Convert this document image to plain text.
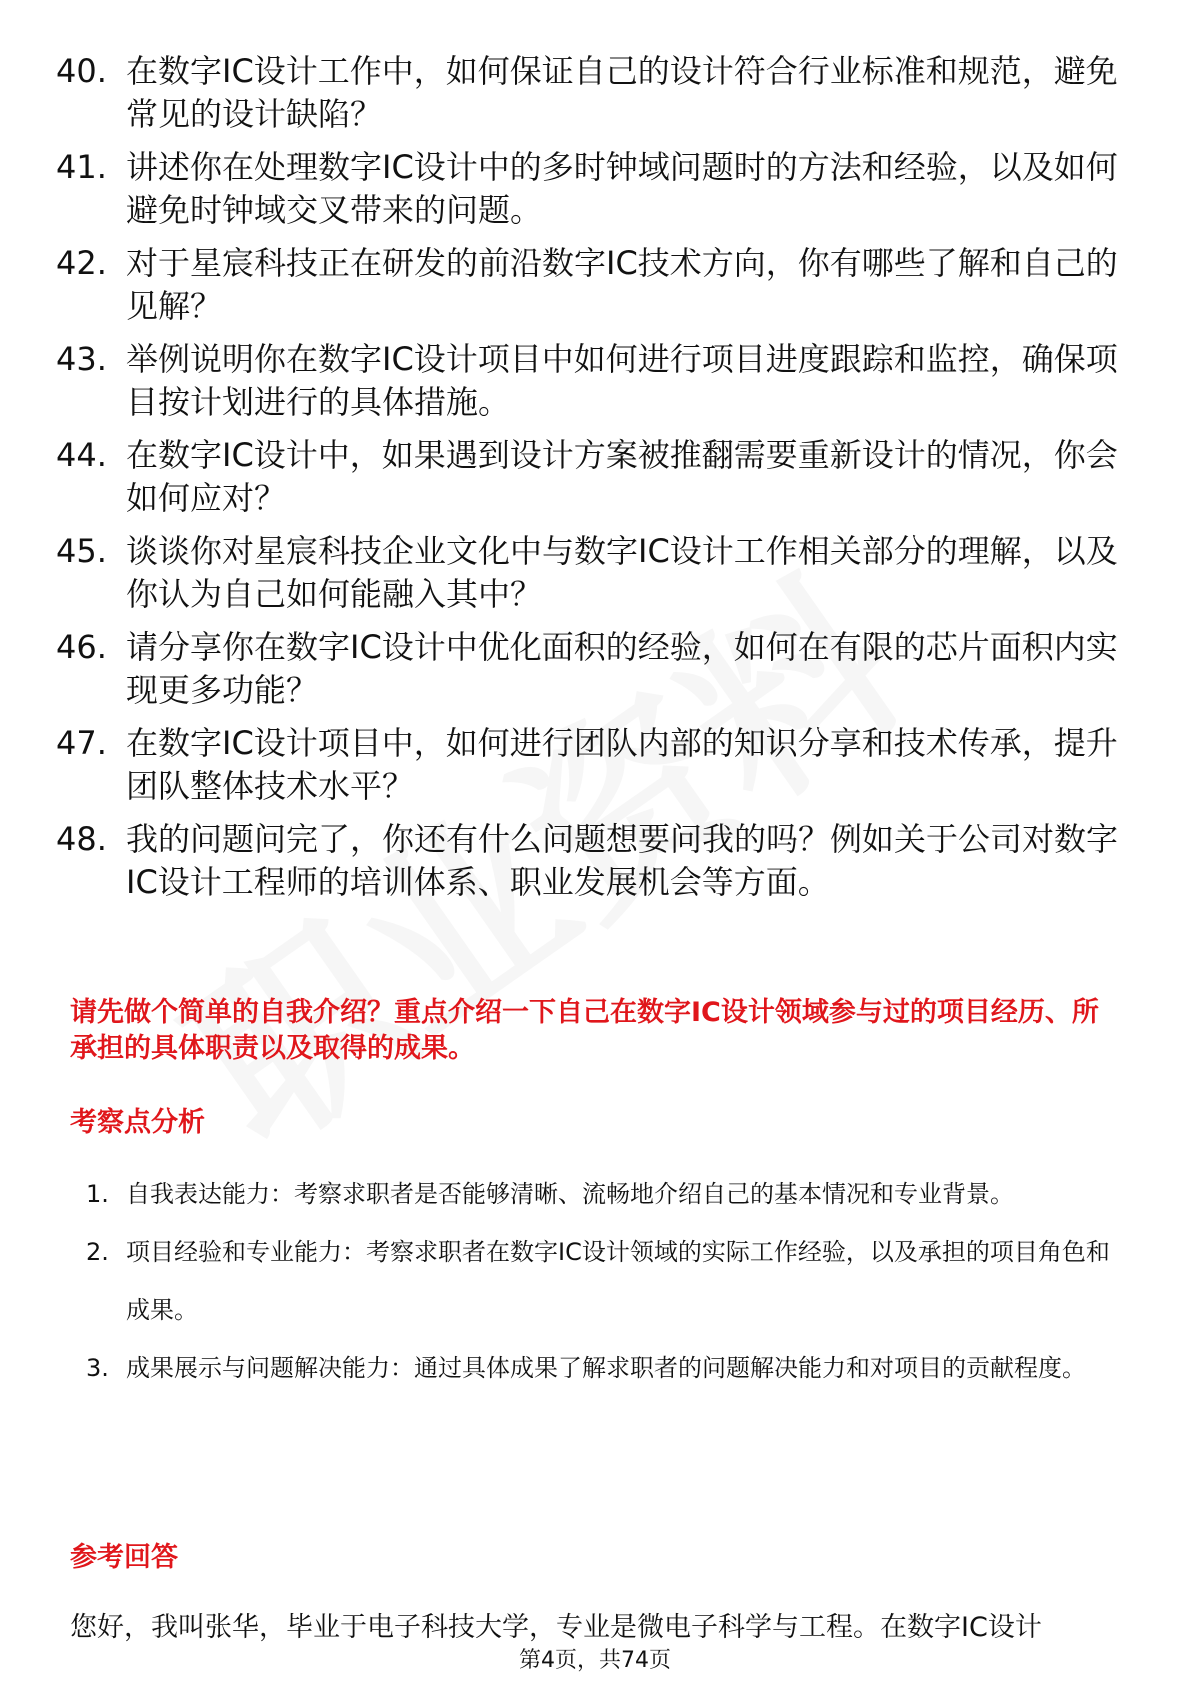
40. 在数字IC设计工作中，如何保证自己的设计符合行业标准和规范，避免常见的设计缺陷？
41. 讲述你在处理数字IC设计中的多时钟域问题时的方法和经验，以及如何避免时钟域交叉带来的问题。
42. 对于星宸科技正在研发的前沿数字IC技术方向，你有哪些了解和自己的见解？
43. 举例说明你在数字IC设计项目中如何进行项目进度跟踪和监控，确保项目按计划进行的具体措施。
44. 在数字IC设计中，如果遇到设计方案被推翻需要重新设计的情况，你会如何应对？
45. 谈谈你对星宸科技企业文化中与数字IC设计工作相关部分的理解，以及你认为自己如何能融入其中？
46. 请分享你在数字IC设计中优化面积的经验，如何在有限的芯片面积内实现更多功能？
47. 在数字IC设计项目中，如何进行团队内部的知识分享和技术传承，提升团队整体技术水平？
48. 我的问题问完了，你还有什么问题想要问我的吗？例如关于公司对数字IC设计工程师的培训体系、职业发展机会等方面。
请先做个简单的自我介绍？重点介绍一下自己在数字IC设计领域参与过的项目经历、所承担的具体职责以及取得的成果。
考察点分析
1. 自我表达能力：考察求职者是否能够清晰、流畅地介绍自己的基本情况和专业背景。
2. 项目经验和专业能力：考察求职者在数字IC设计领域的实际工作经验，以及承担的项目角色和成果。
3. 成果展示与问题解决能力：通过具体成果了解求职者的问题解决能力和对项目的贡献程度。
参考回答
您好，我叫张华，毕业于电子科技大学，专业是微电子科学与工程。在数字IC设计
第4页，共74页
